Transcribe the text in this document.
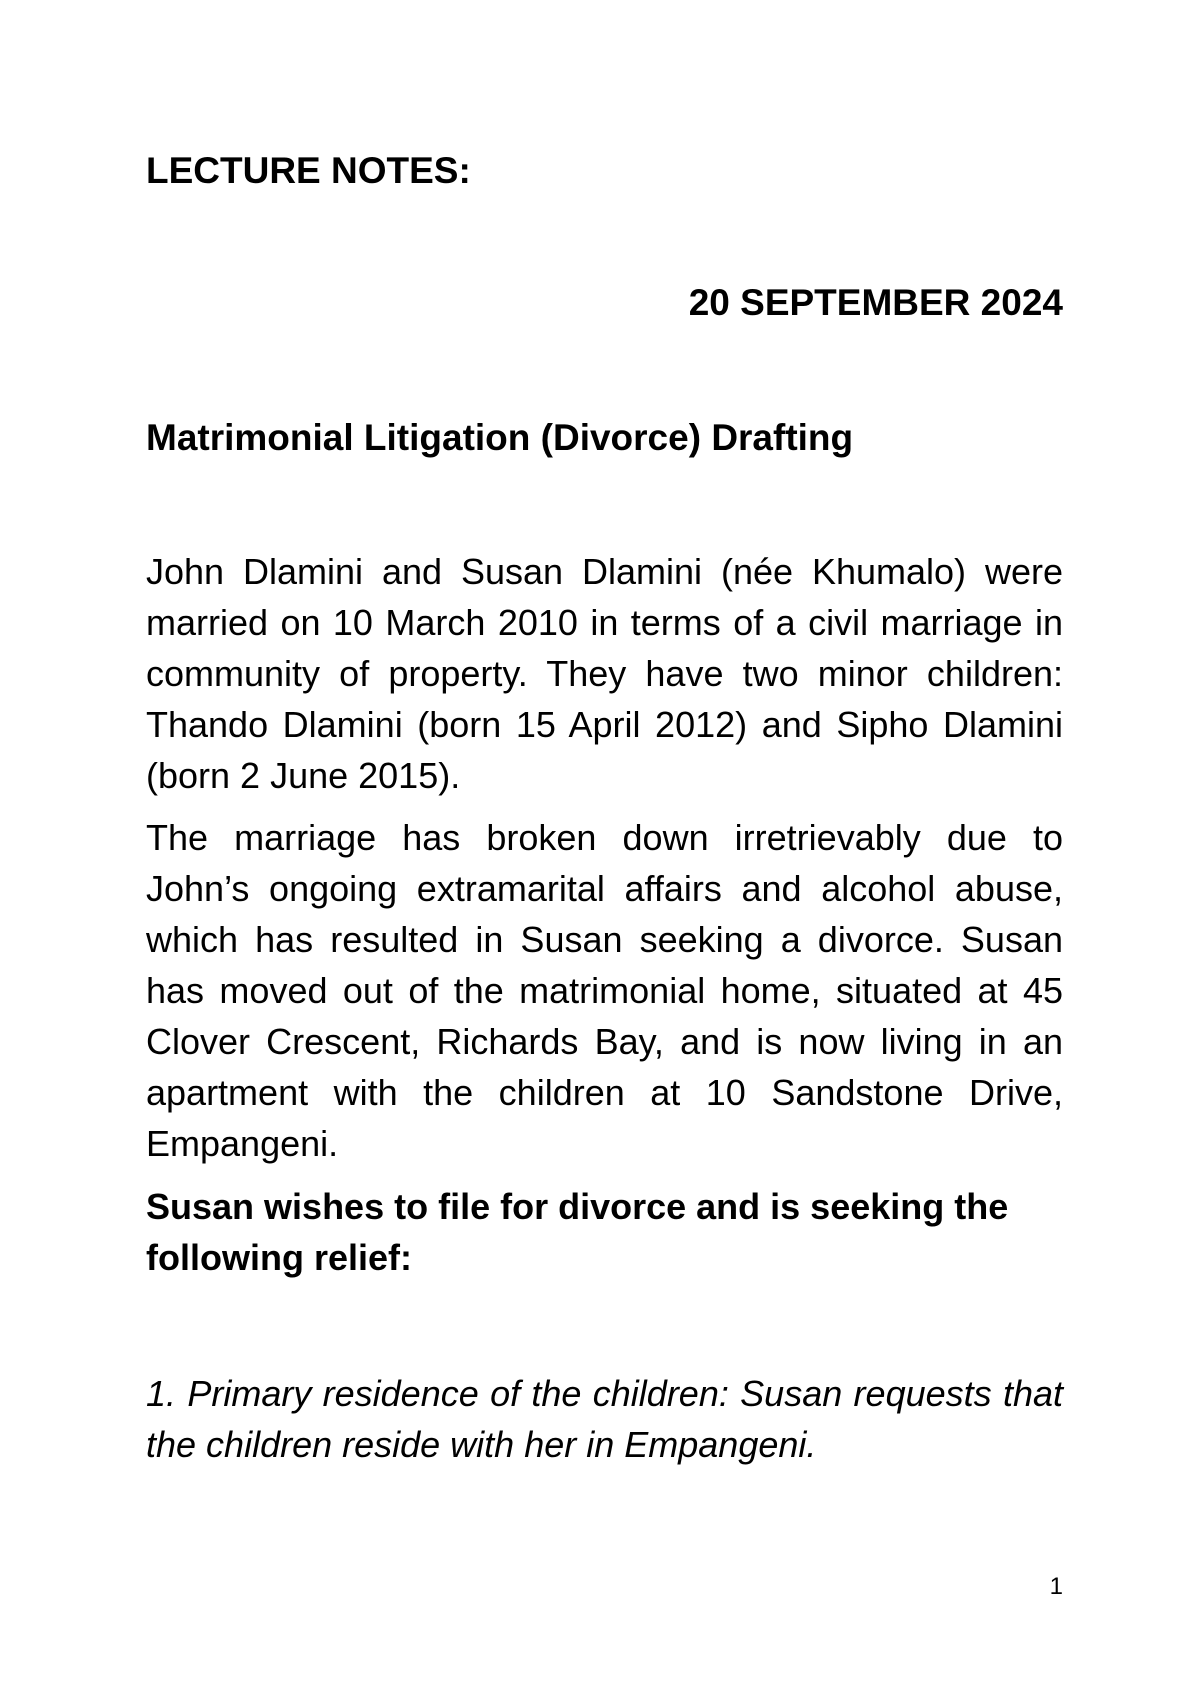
LECTURE NOTES:
20 SEPTEMBER 2024
Matrimonial Litigation (Divorce) Drafting

John Dlamini and Susan Dlamini (née Khumalo) were married on 10 March 2010 in terms of a civil marriage in community of property. They have two minor children: Thando Dlamini (born 15 April 2012) and Sipho Dlamini (born 2 June 2015).

The marriage has broken down irretrievably due to John’s ongoing extramarital affairs and alcohol abuse, which has resulted in Susan seeking a divorce. Susan has moved out of the matrimonial home, situated at 45 Clover Crescent, Richards Bay, and is now living in an apartment with the children at 10 Sandstone Drive, Empangeni.

Susan wishes to file for divorce and is seeking the following relief:

1. Primary residence of the children: Susan requests that the children reside with her in Empangeni.

1
